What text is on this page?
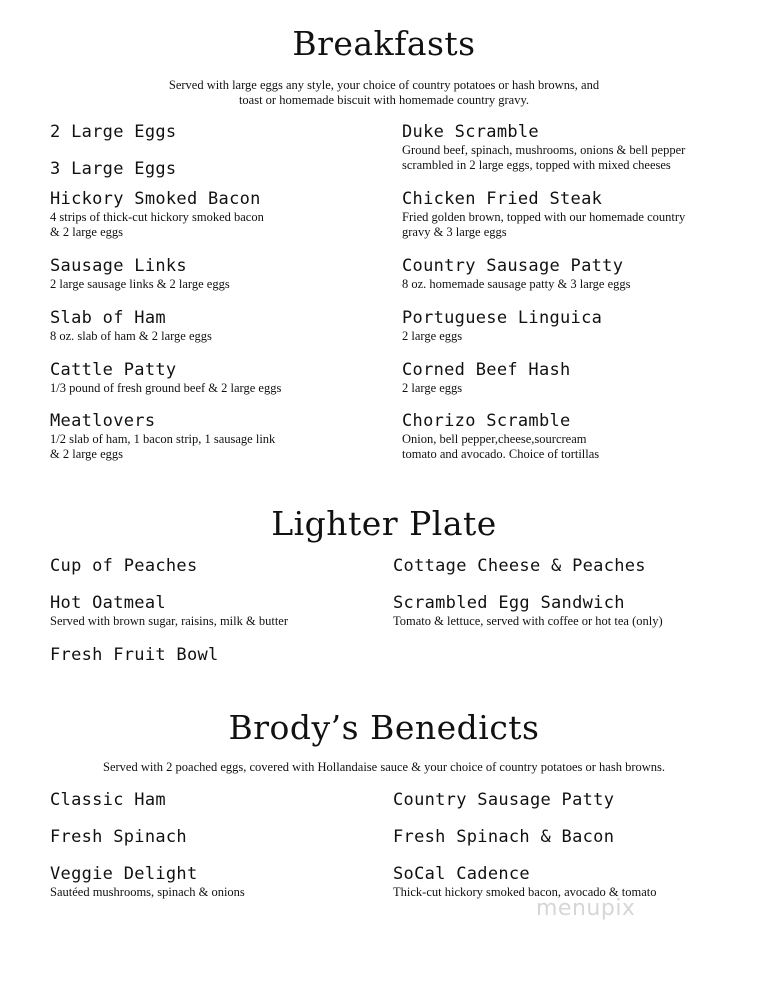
Breakfasts
Served with large eggs any style, your choice of country potatoes or hash browns, and
toast or homemade biscuit with homemade country gravy.
2 Large Eggs
3 Large Eggs
Hickory Smoked Bacon
4 strips of thick-cut hickory smoked bacon
& 2 large eggs
Sausage Links
2 large sausage links & 2 large eggs
Slab of Ham
8 oz. slab of ham & 2 large eggs
Cattle Patty
1/3 pound of fresh ground beef & 2 large eggs
Meatlovers
1/2 slab of ham, 1 bacon strip, 1 sausage link
& 2 large eggs
Duke Scramble
Ground beef, spinach, mushrooms, onions & bell pepper
scrambled in 2 large eggs, topped with mixed cheeses
Chicken Fried Steak
Fried golden brown, topped with our homemade country
gravy & 3 large eggs
Country Sausage Patty
8 oz. homemade sausage patty & 3 large eggs
Portuguese Linguica
2 large eggs
Corned Beef Hash
2 large eggs
Chorizo Scramble
Onion, bell pepper,cheese,sourcream
tomato and avocado. Choice of tortillas
Lighter Plate
Cup of Peaches
Hot Oatmeal
Served with brown sugar, raisins, milk & butter
Fresh Fruit Bowl
Cottage Cheese & Peaches
Scrambled Egg Sandwich
Tomato & lettuce, served with coffee or hot tea (only)
Brody’s Benedicts
Served with 2 poached eggs, covered with Hollandaise sauce & your choice of country potatoes or hash browns.
Classic Ham
Fresh Spinach
Veggie Delight
Sautéed mushrooms, spinach & onions
Country Sausage Patty
Fresh Spinach & Bacon
SoCal Cadence
Thick-cut hickory smoked bacon, avocado & tomato
menupix
